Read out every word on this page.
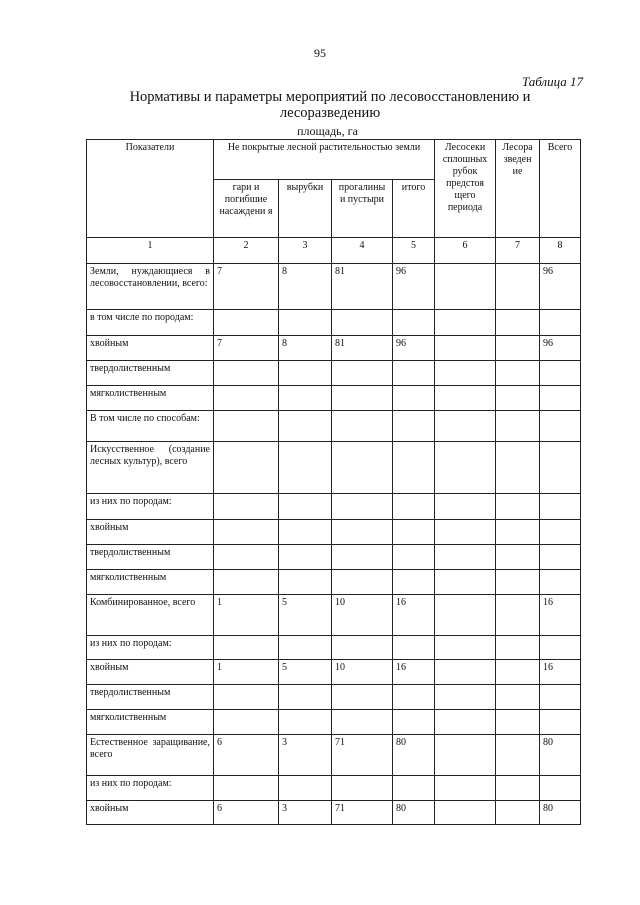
95
Таблица 17
Нормативы и параметры мероприятий по лесовосстановлению и лесоразведению
площадь, га
Показатели	Не покрытые лесной растительностью земли				Лесосеки сплошных рубок предстоя щего периода	Лесора зведен ие	Всего
	гари и погибшие насаждени я	вырубки	прогалины и пустыри	итого			
1	2	3	4	5	6	7	8
Земли, нуждающиеся в лесовосстановлении, всего:	7	8	81	96			96
в том числе по породам:							
хвойным	7	8	81	96			96
твердолиственным							
мягколиственным							
В том числе по способам:							
Искусственное (создание лесных культур), всего							
из них по породам:							
хвойным							
твердолиственным							
мягколиственным							
Комбинированное, всего	1	5	10	16			16
из них по породам:							
хвойным	1	5	10	16			16
твердолиственным							
мягколиственным							
Естественное заращивание, всего	6	3	71	80			80
из них по породам:							
хвойным	6	3	71	80			80
